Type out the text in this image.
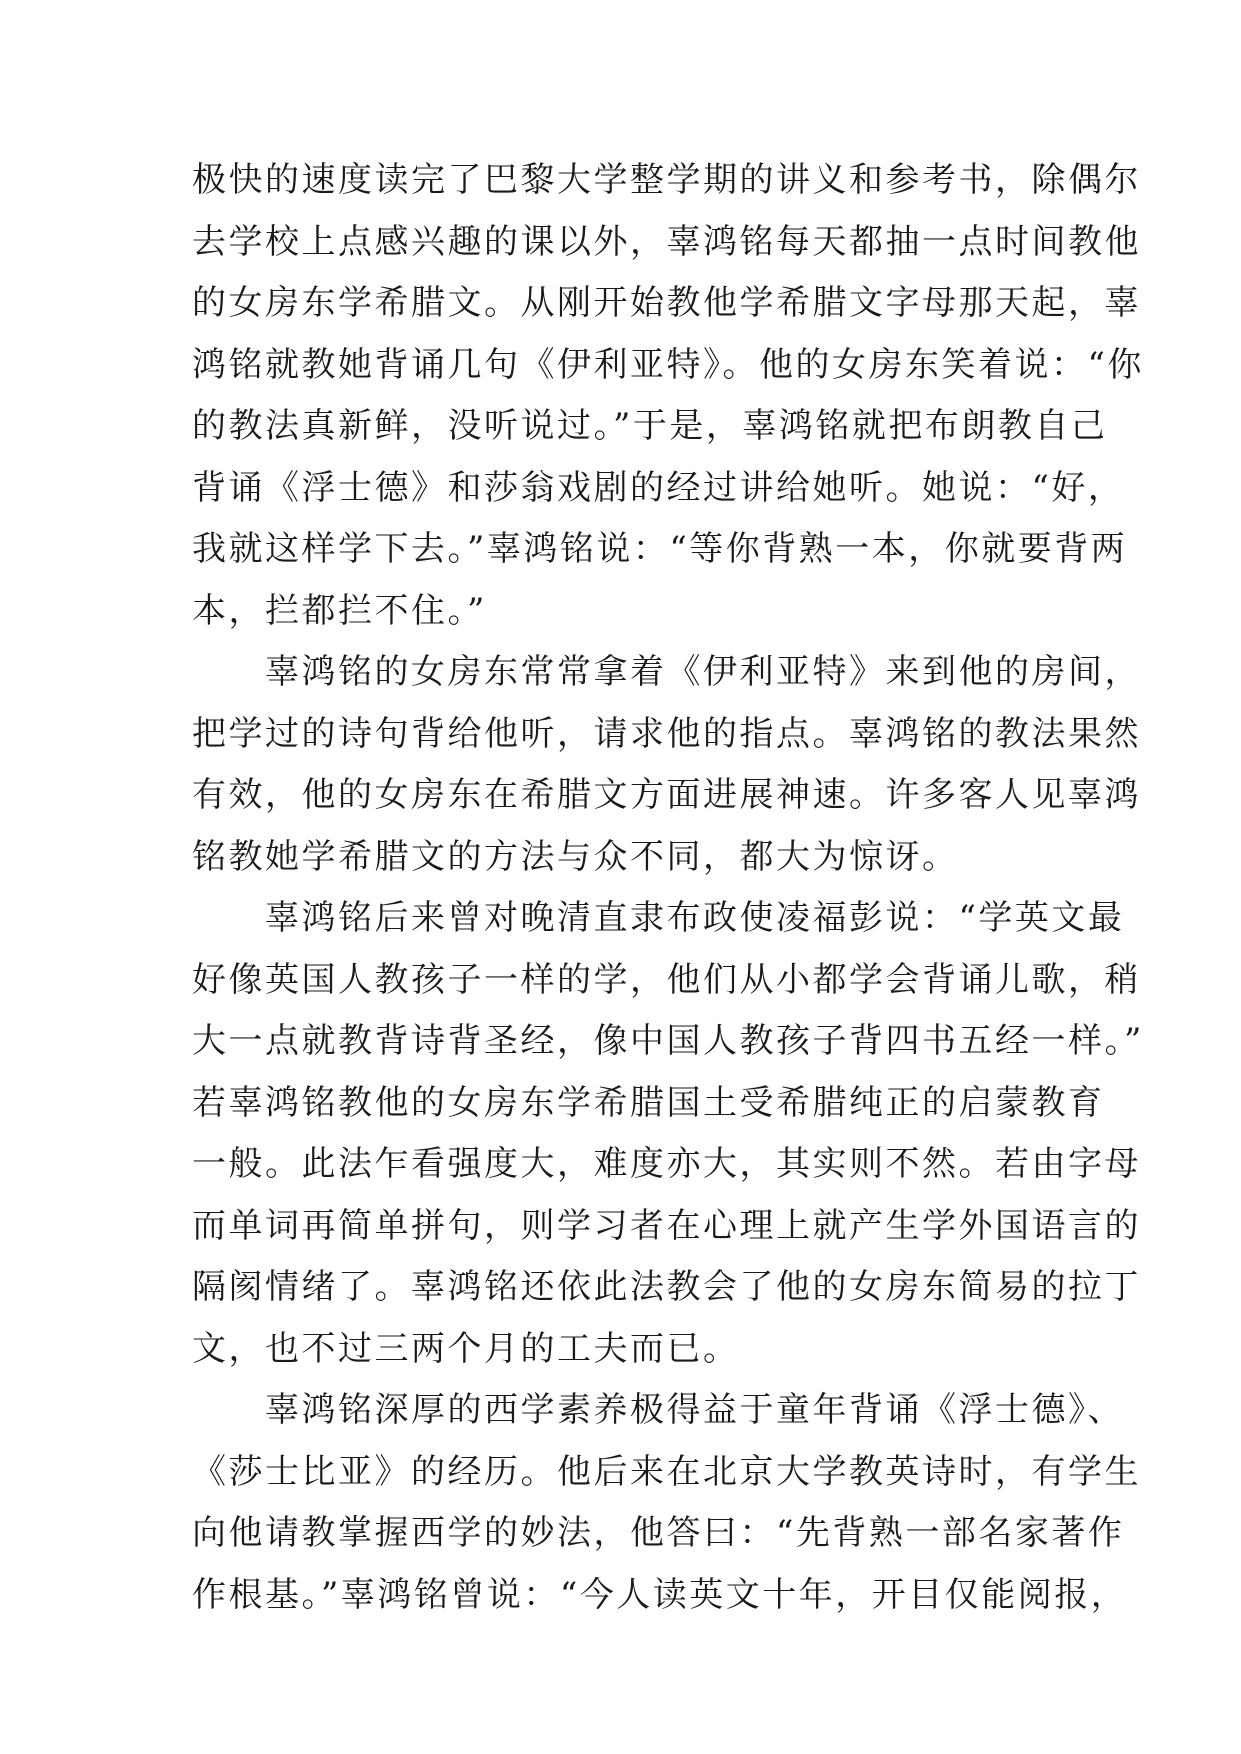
极快的速度读完了巴黎大学整学期的讲义和参考书，除偶尔
去学校上点感兴趣的课以外，辜鸿铭每天都抽一点时间教他
的女房东学希腊文。从刚开始教他学希腊文字母那天起，辜
鸿铭就教她背诵几句《伊利亚特》。他的女房东笑着说：“你
的教法真新鲜，没听说过。”于是，辜鸿铭就把布朗教自己
背诵《浮士德》和莎翁戏剧的经过讲给她听。她说：“好，
我就这样学下去。”辜鸿铭说：“等你背熟一本，你就要背两
本，拦都拦不住。”
　　辜鸿铭的女房东常常拿着《伊利亚特》来到他的房间，
把学过的诗句背给他听，请求他的指点。辜鸿铭的教法果然
有效，他的女房东在希腊文方面进展神速。许多客人见辜鸿
铭教她学希腊文的方法与众不同，都大为惊讶。
　　辜鸿铭后来曾对晚清直隶布政使凌福彭说：“学英文最
好像英国人教孩子一样的学，他们从小都学会背诵儿歌，稍
大一点就教背诗背圣经，像中国人教孩子背四书五经一样。”
若辜鸿铭教他的女房东学希腊国土受希腊纯正的启蒙教育
一般。此法乍看强度大，难度亦大，其实则不然。若由字母
而单词再简单拼句，则学习者在心理上就产生学外国语言的
隔阂情绪了。辜鸿铭还依此法教会了他的女房东简易的拉丁
文，也不过三两个月的工夫而已。
　　辜鸿铭深厚的西学素养极得益于童年背诵《浮士德》、
《莎士比亚》的经历。他后来在北京大学教英诗时，有学生
向他请教掌握西学的妙法，他答曰：“先背熟一部名家著作
作根基。”辜鸿铭曾说：“今人读英文十年，开目仅能阅报，
